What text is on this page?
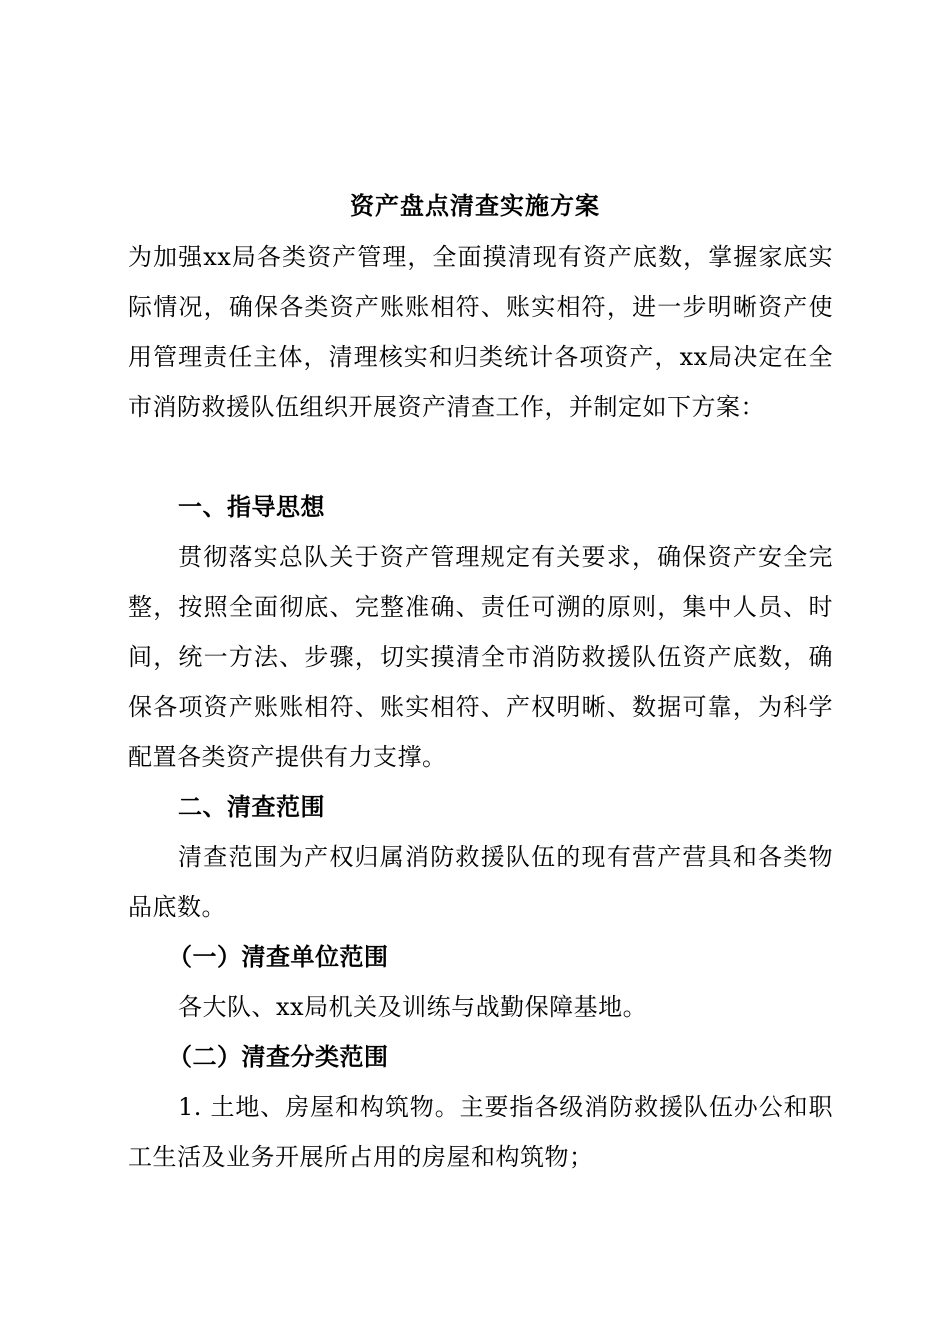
资产盘点清查实施方案
为加强xx局各类资产管理，全面摸清现有资产底数，掌握家底实际情况，确保各类资产账账相符、账实相符，进一步明晰资产使用管理责任主体，清理核实和归类统计各项资产，xx局决定在全市消防救援队伍组织开展资产清查工作，并制定如下方案：
一、指导思想
贯彻落实总队关于资产管理规定有关要求，确保资产安全完整，按照全面彻底、完整准确、责任可溯的原则，集中人员、时间，统一方法、步骤，切实摸清全市消防救援队伍资产底数，确保各项资产账账相符、账实相符、产权明晰、数据可靠，为科学配置各类资产提供有力支撑。
二、清查范围
清查范围为产权归属消防救援队伍的现有营产营具和各类物品底数。
（一）清查单位范围
各大队、xx局机关及训练与战勤保障基地。
（二）清查分类范围
1. 土地、房屋和构筑物。主要指各级消防救援队伍办公和职工生活及业务开展所占用的房屋和构筑物；
